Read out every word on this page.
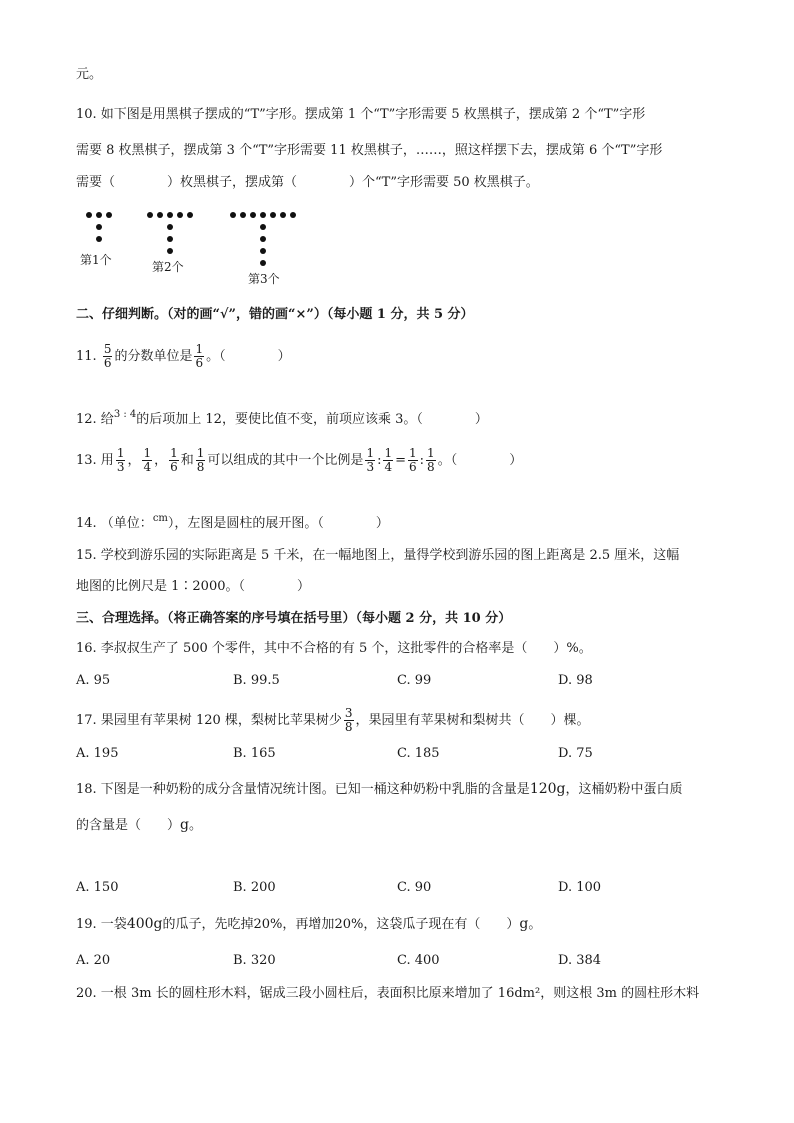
元。
10. 如下图是用黑棋子摆成的“T”字形。摆成第 1 个“T”字形需要 5 枚黑棋子，摆成第 2 个“T”字形
需要 8 枚黑棋子，摆成第 3 个“T”字形需要 11 枚黑棋子，……，照这样摆下去，摆成第 6 个“T”字形
需要（　　　　）枚黑棋子，摆成第（　　　　）个“T”字形需要 50 枚黑棋子。
第1个	第2个
第3个
二、仔细判断。（对的画“√”，错的画“×”）（每小题 1 分，共 5 分）
11. $\frac{5}{6}$ 的分数单位是 $\frac{1}{6}$ 。（　　　　）
12. 给$^{3 : 4}$的后项加上 12，要使比值不变，前项应该乘 3。（　　　　）
13. 用 $\frac{1}{3}$ ， $\frac{1}{4}$ ， $\frac{1}{6}$ 和 $\frac{1}{8}$ 可以组成的其中一个比例是 $\frac{1}{3}$ : $\frac{1}{4} = \frac{1}{6}$ : $\frac{1}{8}$ 。（　　　　）
14. （单位：$^{cm}$），左图是圆柱的展开图。（　　　　）
15. 学校到游乐园的实际距离是 5 千米，在一幅地图上，量得学校到游乐园的图上距离是 2.5 厘米，这幅
地图的比例尺是 1∶2000。（　　　　）
三、合理选择。（将正确答案的序号填在括号里）（每小题 2 分，共 10 分）
16. 李叔叔生产了 500 个零件，其中不合格的有 5 个，这批零件的合格率是（　　）%。
A. 95	B. 99.5	C. 99	D. 98
17. 果园里有苹果树 120 棵，梨树比苹果树少 $\frac{3}{8}$ ，果园里有苹果树和梨树共（　　）棵。
A. 195	B. 165	C. 185	D. 75
18. 下图是一种奶粉的成分含量情况统计图。已知一桶这种奶粉中乳脂的含量是120g，这桶奶粉中蛋白质
的含量是（　　）g。
A. 150	B. 200	C. 90	D. 100
19. 一袋400g的瓜子，先吃掉20%，再增加20%，这袋瓜子现在有（　　）g。
A. 20	B. 320	C. 400	D. 384
20. 一根 3m 长的圆柱形木料，锯成三段小圆柱后，表面积比原来增加了 16dm²，则这根 3m 的圆柱形木料
